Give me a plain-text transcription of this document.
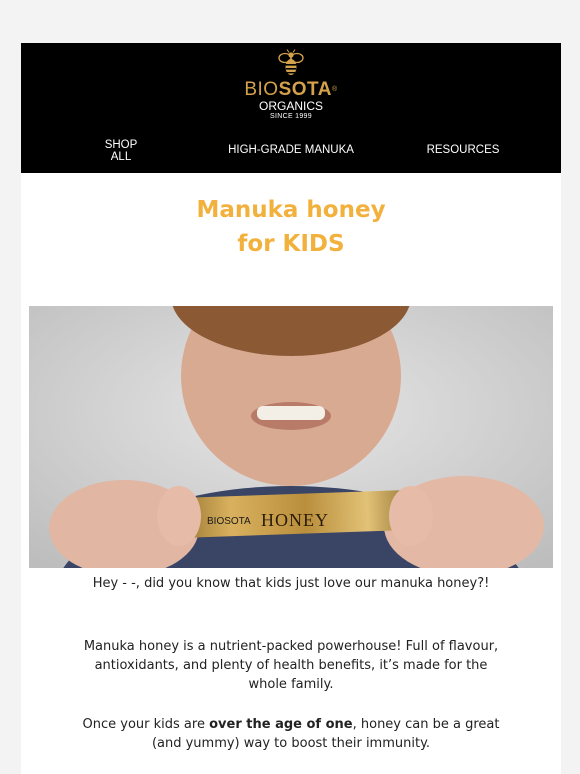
BIOSOTA®
ORGANICS
SINCE 1999
SHOP
ALL
HIGH-GRADE MANUKA	RESOURCES
Manuka honey
for KIDS
BIOSOTA HONEY
Hey - -, did you know that kids just love our manuka honey?!
Manuka honey is a nutrient-packed powerhouse! Full of flavour, antioxidants, and plenty of health benefits, it’s made for the whole family.
Once your kids are over the age of one, honey can be a great (and yummy) way to boost their immunity.
